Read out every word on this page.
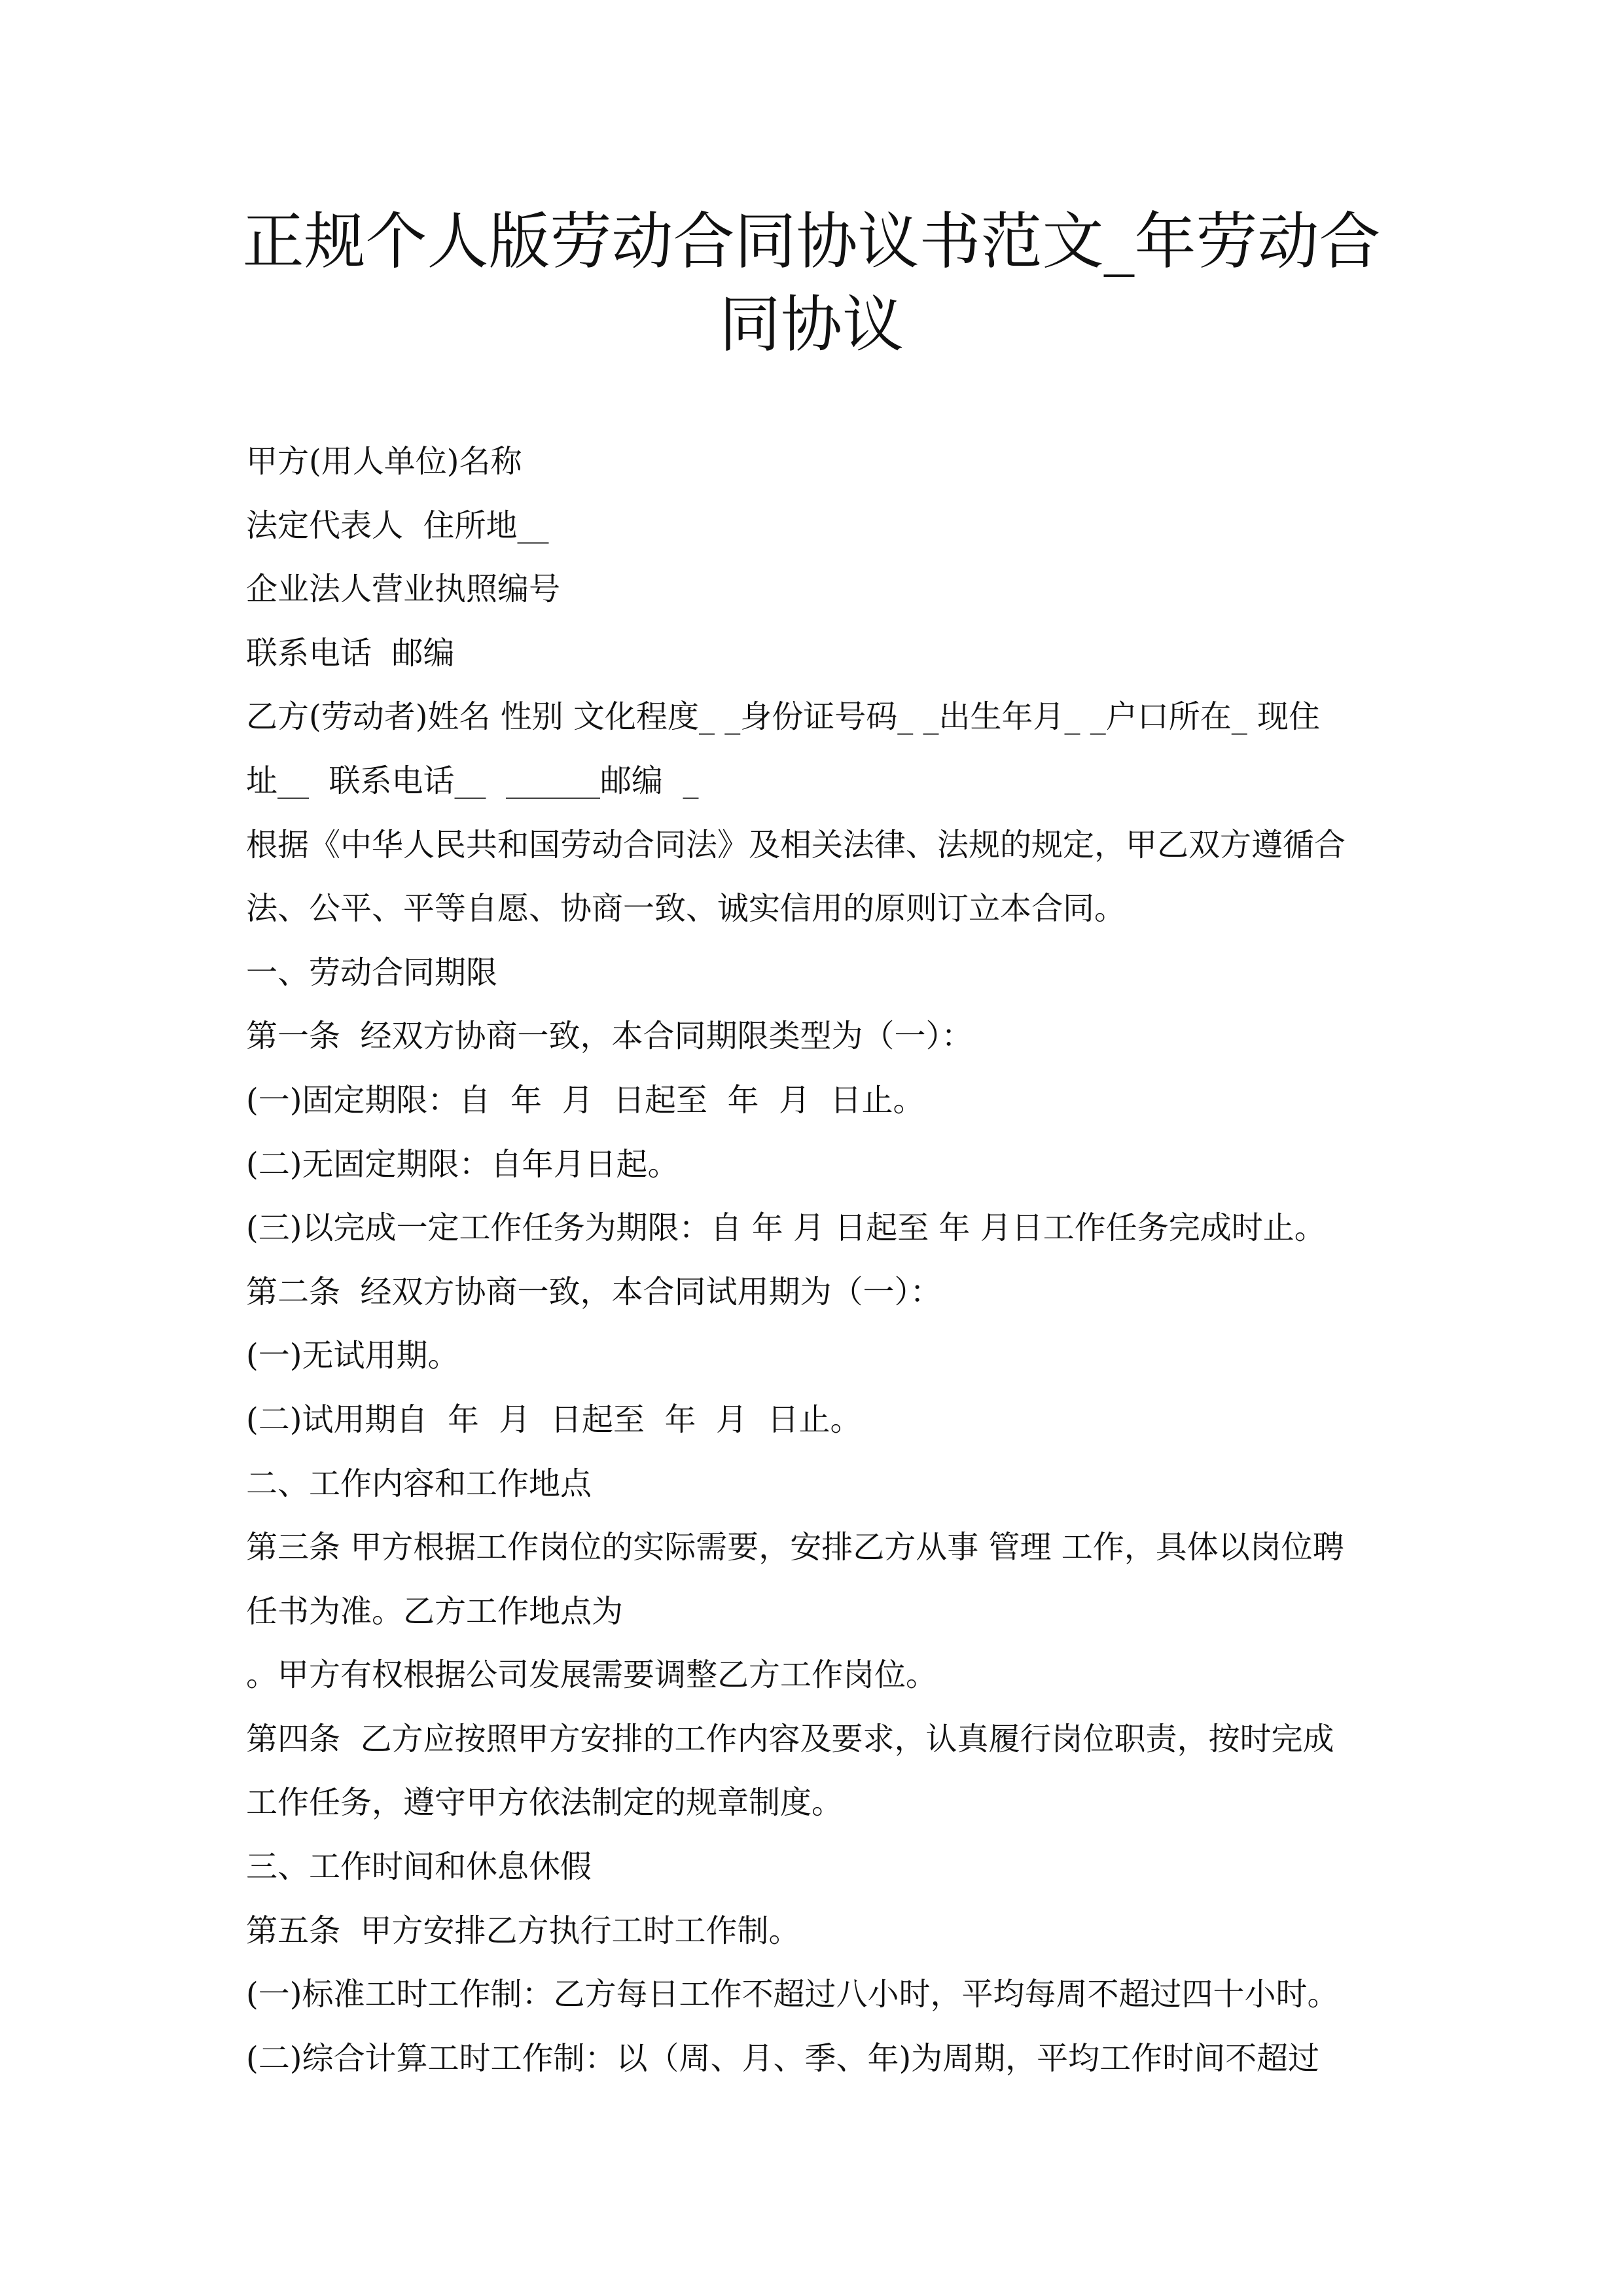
正规个人版劳动合同协议书范文_年劳动合
同协议
甲方(用人单位)名称
法定代表人  住所地__
企业法人营业执照编号
联系电话  邮编
乙方(劳动者)姓名 性别 文化程度_ _身份证号码_ _出生年月_ _户口所在_ 现住
址__  联系电话__  ______邮编  _
根据《中华人民共和国劳动合同法》及相关法律、法规的规定，甲乙双方遵循合
法、公平、平等自愿、协商一致、诚实信用的原则订立本合同。
一、劳动合同期限
第一条  经双方协商一致，本合同期限类型为（一）：
(一)固定期限：自  年  月  日起至  年  月  日止。
(二)无固定期限：自年月日起。
(三)以完成一定工作任务为期限：自 年 月 日起至 年 月日工作任务完成时止。
第二条  经双方协商一致，本合同试用期为（一）：
(一)无试用期。
(二)试用期自  年  月  日起至  年  月  日止。
二、工作内容和工作地点
第三条 甲方根据工作岗位的实际需要，安排乙方从事 管理 工作，具体以岗位聘
任书为准。乙方工作地点为
。甲方有权根据公司发展需要调整乙方工作岗位。
第四条  乙方应按照甲方安排的工作内容及要求，认真履行岗位职责，按时完成
工作任务，遵守甲方依法制定的规章制度。
三、工作时间和休息休假
第五条  甲方安排乙方执行工时工作制。
(一)标准工时工作制：乙方每日工作不超过八小时，平均每周不超过四十小时。
(二)综合计算工时工作制：以（周、月、季、年)为周期，平均工作时间不超过
